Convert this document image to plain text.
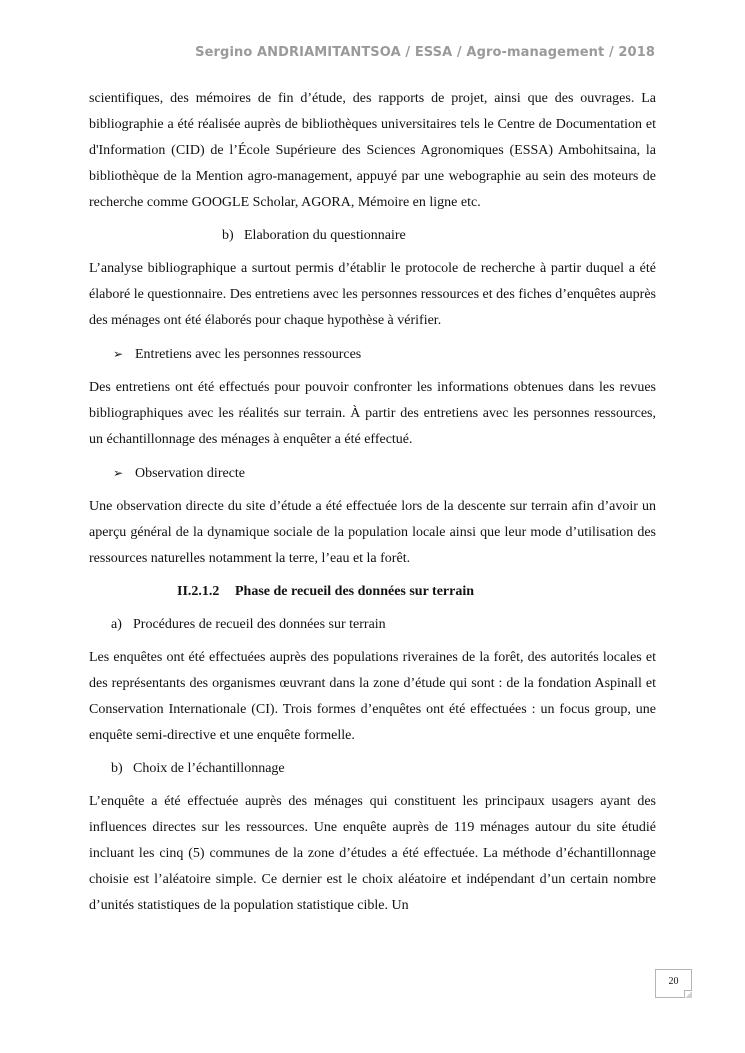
Sergino ANDRIAMITANTSOA / ESSA / Agro-management / 2018

scientifiques, des mémoires de fin d’étude, des rapports de projet, ainsi que des ouvrages. La bibliographie a été réalisée auprès de bibliothèques universitaires tels le Centre de Documentation et d'Information (CID) de l’École Supérieure des Sciences Agronomiques (ESSA) Ambohitsaina, la bibliothèque de la Mention agro-management, appuyé par une webographie au sein des moteurs de recherche comme GOOGLE Scholar, AGORA, Mémoire en ligne etc.

b) Elaboration du questionnaire

L’analyse bibliographique a surtout permis d’établir le protocole de recherche à partir duquel a été élaboré le questionnaire. Des entretiens avec les personnes ressources et des fiches d’enquêtes auprès des ménages ont été élaborés pour chaque hypothèse à vérifier.

➢ Entretiens avec les personnes ressources

Des entretiens ont été effectués pour pouvoir confronter les informations obtenues dans les revues bibliographiques avec les réalités sur terrain. À partir des entretiens avec les personnes ressources, un échantillonnage des ménages à enquêter a été effectué.

➢ Observation directe

Une observation directe du site d’étude a été effectuée lors de la descente sur terrain afin d’avoir un aperçu général de la dynamique sociale de la population locale ainsi que leur mode d’utilisation des ressources naturelles notamment la terre, l’eau et la forêt.

II.2.1.2 Phase de recueil des données sur terrain
a) Procédures de recueil des données sur terrain

Les enquêtes ont été effectuées auprès des populations riveraines de la forêt, des autorités locales et des représentants des organismes œuvrant dans la zone d’étude qui sont : de la fondation Aspinall et Conservation Internationale (CI). Trois formes d’enquêtes ont été effectuées : un focus group, une enquête semi-directive et une enquête formelle.

b) Choix de l’échantillonnage

L’enquête a été effectuée auprès des ménages qui constituent les principaux usagers ayant des influences directes sur les ressources. Une enquête auprès de 119 ménages autour du site étudié incluant les cinq (5) communes de la zone d’études a été effectuée. La méthode d’échantillonnage choisie est l’aléatoire simple. Ce dernier est le choix aléatoire et indépendant d’un certain nombre d’unités statistiques de la population statistique cible. Un

20
